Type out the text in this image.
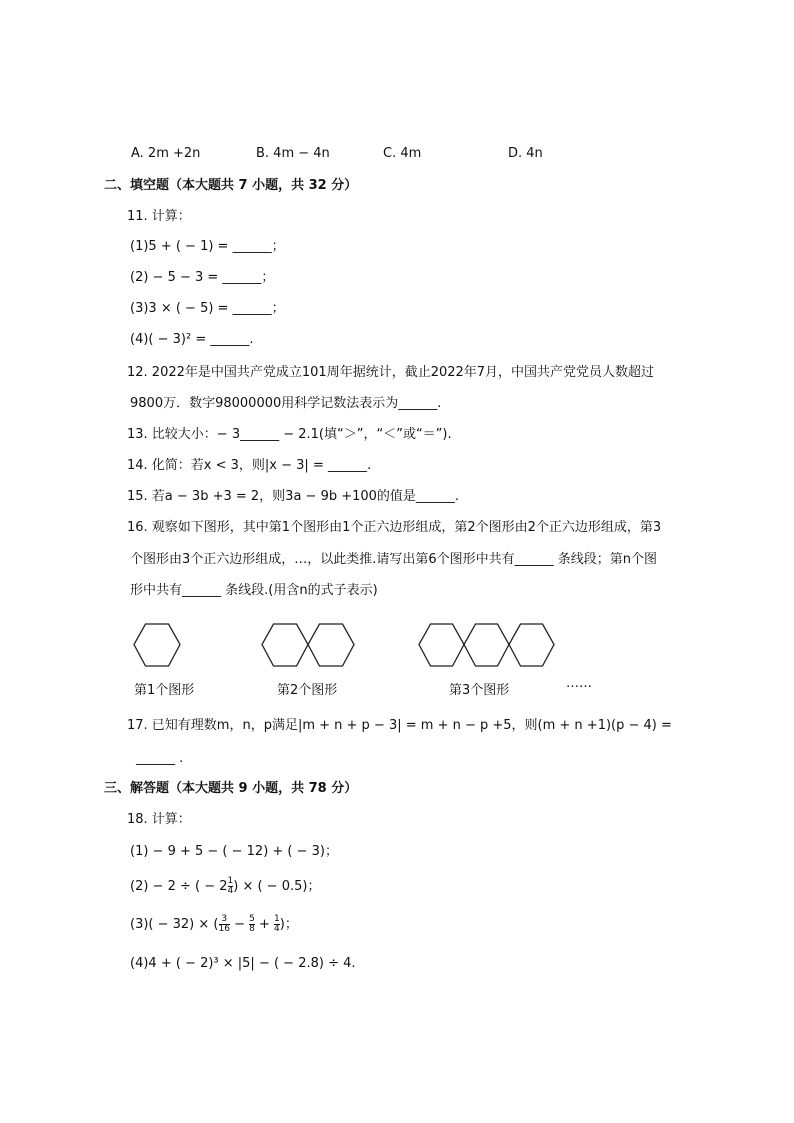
A. 2m +2n	B. 4m − 4n	C. 4m	D. 4n
二、填空题（本大题共 7 小题，共 32 分）
11. 计算：
(1)5 + ( − 1) = ______；
(2) − 5 − 3 = ______；
(3)3 × ( − 5) = ______；
(4)( − 3)² = ______.
12. 2022年是中国共产党成立101周年据统计，截止2022年7月，中国共产党党员人数超过
9800万．数字98000000用科学记数法表示为______.
13. 比较大小：− 3______ − 2.1(填“＞”，“＜”或“＝”).
14. 化简：若x < 3，则|x − 3| = ______.
15. 若a − 3b +3 = 2，则3a − 9b +100的值是______.
16. 观察如下图形，其中第1个图形由1个正六边形组成，第2个图形由2个正六边形组成，第3
个图形由3个正六边形组成，…，以此类推.请写出第6个图形中共有______ 条线段；第n个图
形中共有______ 条线段.(用含n的式子表示)
第1个图形	第2个图形	第3个图形	……
17. 已知有理数m，n，p满足|m + n + p − 3| = m + n − p +5，则(m + n +1)(p − 4) =
______ .
三、解答题（本大题共 9 小题，共 78 分）
18. 计算：
(1) − 9 + 5 − ( − 12) + ( − 3)；
(2) − 2 ÷ ( − $2 \frac{1}{4}$ ) × ( − 0.5)；
(3)( − 32) × ( $\frac{3}{16} - \frac{5}{8} + \frac{1}{4}$ )；
(4)4 + ( − 2)³ × |5| − ( − 2.8) ÷ 4.
